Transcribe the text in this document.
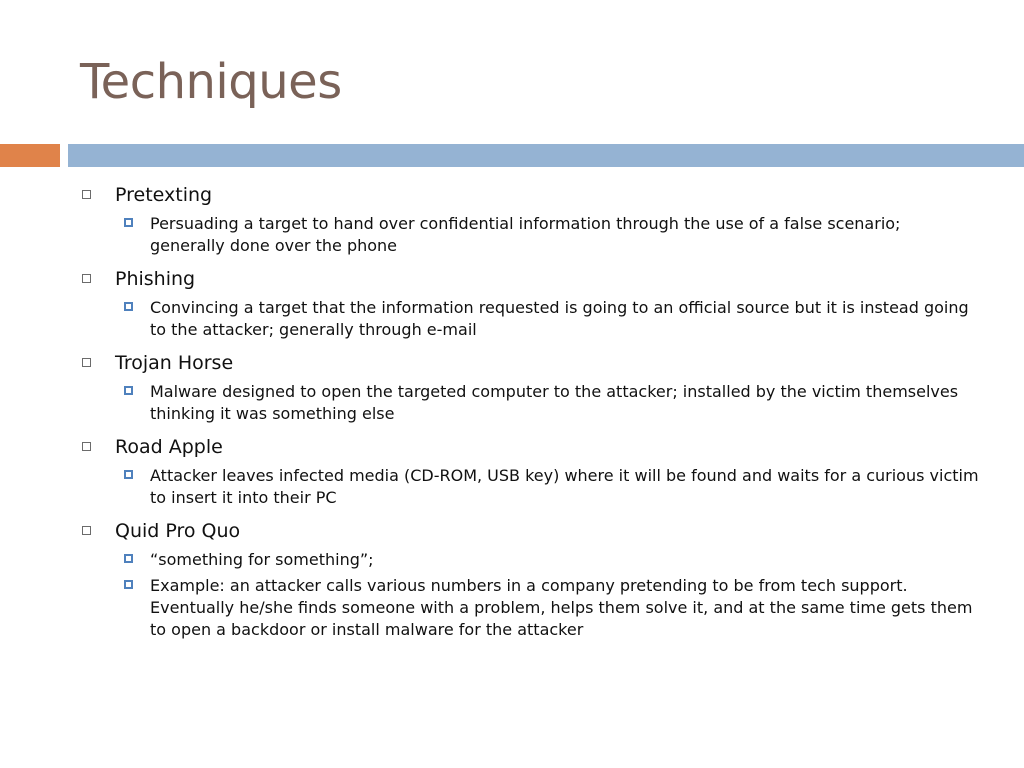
Techniques
Pretexting
Persuading a target to hand over confidential information through the use of a false scenario; generally done over the phone
Phishing
Convincing a target that the information requested is going to an official source but it is instead going to the attacker; generally through e-mail
Trojan Horse
Malware designed to open the targeted computer to the attacker; installed by the victim themselves thinking it was something else
Road Apple
Attacker leaves infected media (CD-ROM, USB key) where it will be found and waits for a curious victim to insert it into their PC
Quid Pro Quo
“something for something”;
Example: an attacker calls various numbers in a company pretending to be from tech support. Eventually he/she finds someone with a problem, helps them solve it, and at the same time gets them to open a backdoor or install malware for the attacker
